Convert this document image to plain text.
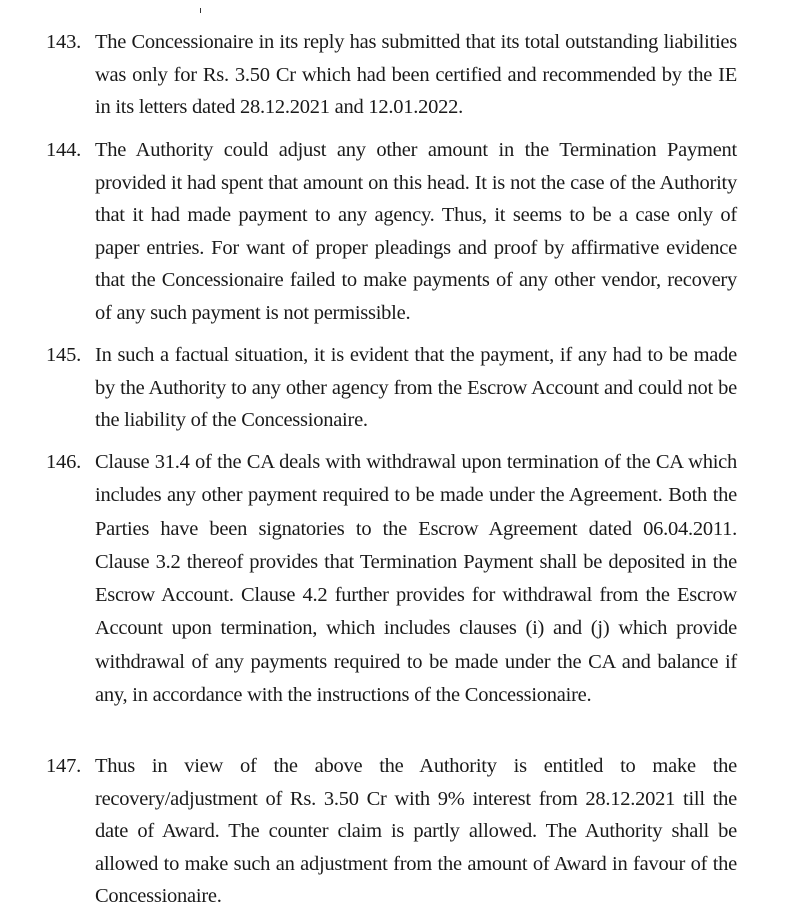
143. The Concessionaire in its reply has submitted that its total outstanding liabilities was only for Rs. 3.50 Cr which had been certified and recommended by the IE in its letters dated 28.12.2021 and 12.01.2022.
144. The Authority could adjust any other amount in the Termination Payment provided it had spent that amount on this head. It is not the case of the Authority that it had made payment to any agency. Thus, it seems to be a case only of paper entries. For want of proper pleadings and proof by affirmative evidence that the Concessionaire failed to make payments of any other vendor, recovery of any such payment is not permissible.
145. In such a factual situation, it is evident that the payment, if any had to be made by the Authority to any other agency from the Escrow Account and could not be the liability of the Concessionaire.
146. Clause 31.4 of the CA deals with withdrawal upon termination of the CA which includes any other payment required to be made under the Agreement. Both the Parties have been signatories to the Escrow Agreement dated 06.04.2011. Clause 3.2 thereof provides that Termination Payment shall be deposited in the Escrow Account. Clause 4.2 further provides for withdrawal from the Escrow Account upon termination, which includes clauses (i) and (j) which provide withdrawal of any payments required to be made under the CA and balance if any, in accordance with the instructions of the Concessionaire.
147. Thus in view of the above the Authority is entitled to make the recovery/adjustment of Rs. 3.50 Cr with 9% interest from 28.12.2021 till the date of Award. The counter claim is partly allowed. The Authority shall be allowed to make such an adjustment from the amount of Award in favour of the Concessionaire.
